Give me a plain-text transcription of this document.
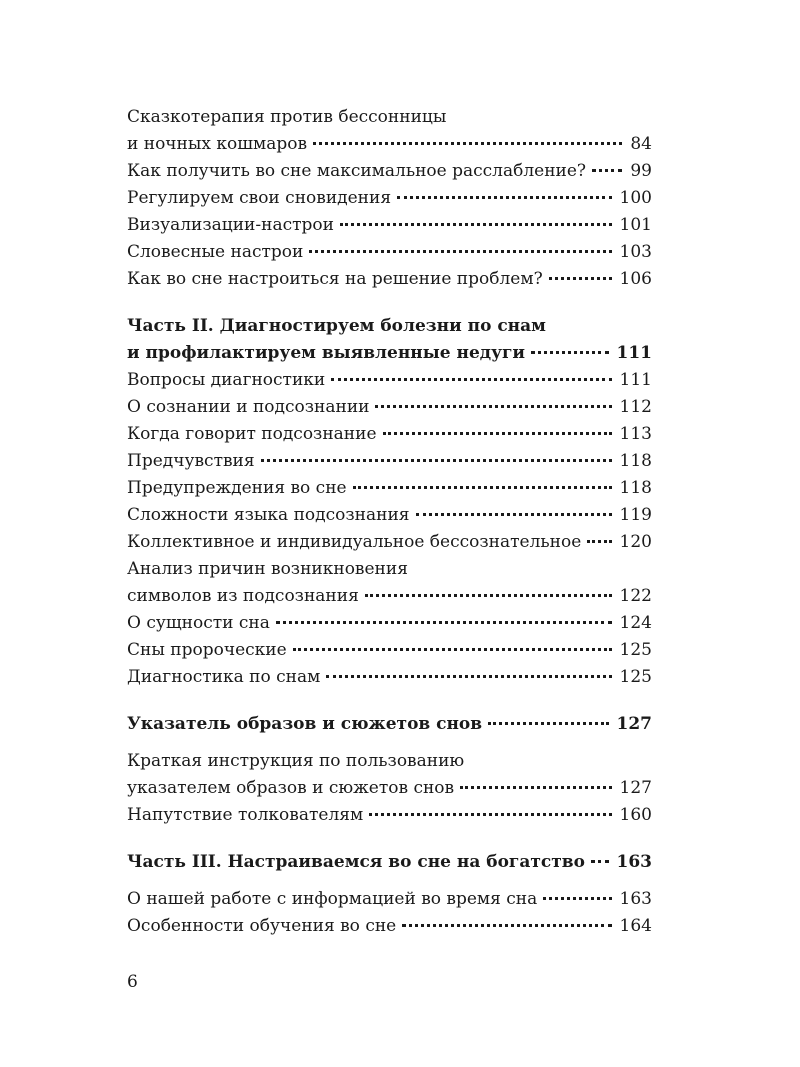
Сказкотерапия против бессонницы
и ночных кошмаров	84
Как получить во сне максимальное расслабление?	99
Регулируем свои сновидения	100
Визуализации-настрои	101
Словесные настрои	103
Как во сне настроиться на решение проблем?	106
Часть II. Диагностируем болезни по снам
и профилактируем выявленные недуги	111
Вопросы диагностики	111
О сознании и подсознании	112
Когда говорит подсознание	113
Предчувствия	118
Предупреждения во сне	118
Сложности языка подсознания	119
Коллективное и индивидуальное бессознательное 120
Анализ причин возникновения
символов из подсознания	122
О сущности сна	124
Сны пророческие	125
Диагностика по снам	125
Указатель образов и сюжетов снов	127
Краткая инструкция по пользованию
указателем образов и сюжетов снов	127
Напутствие толкователям	160
Часть III. Настраиваемся во сне на богатство 163
О нашей работе с информацией во время сна	163
Особенности обучения во сне	164
6
